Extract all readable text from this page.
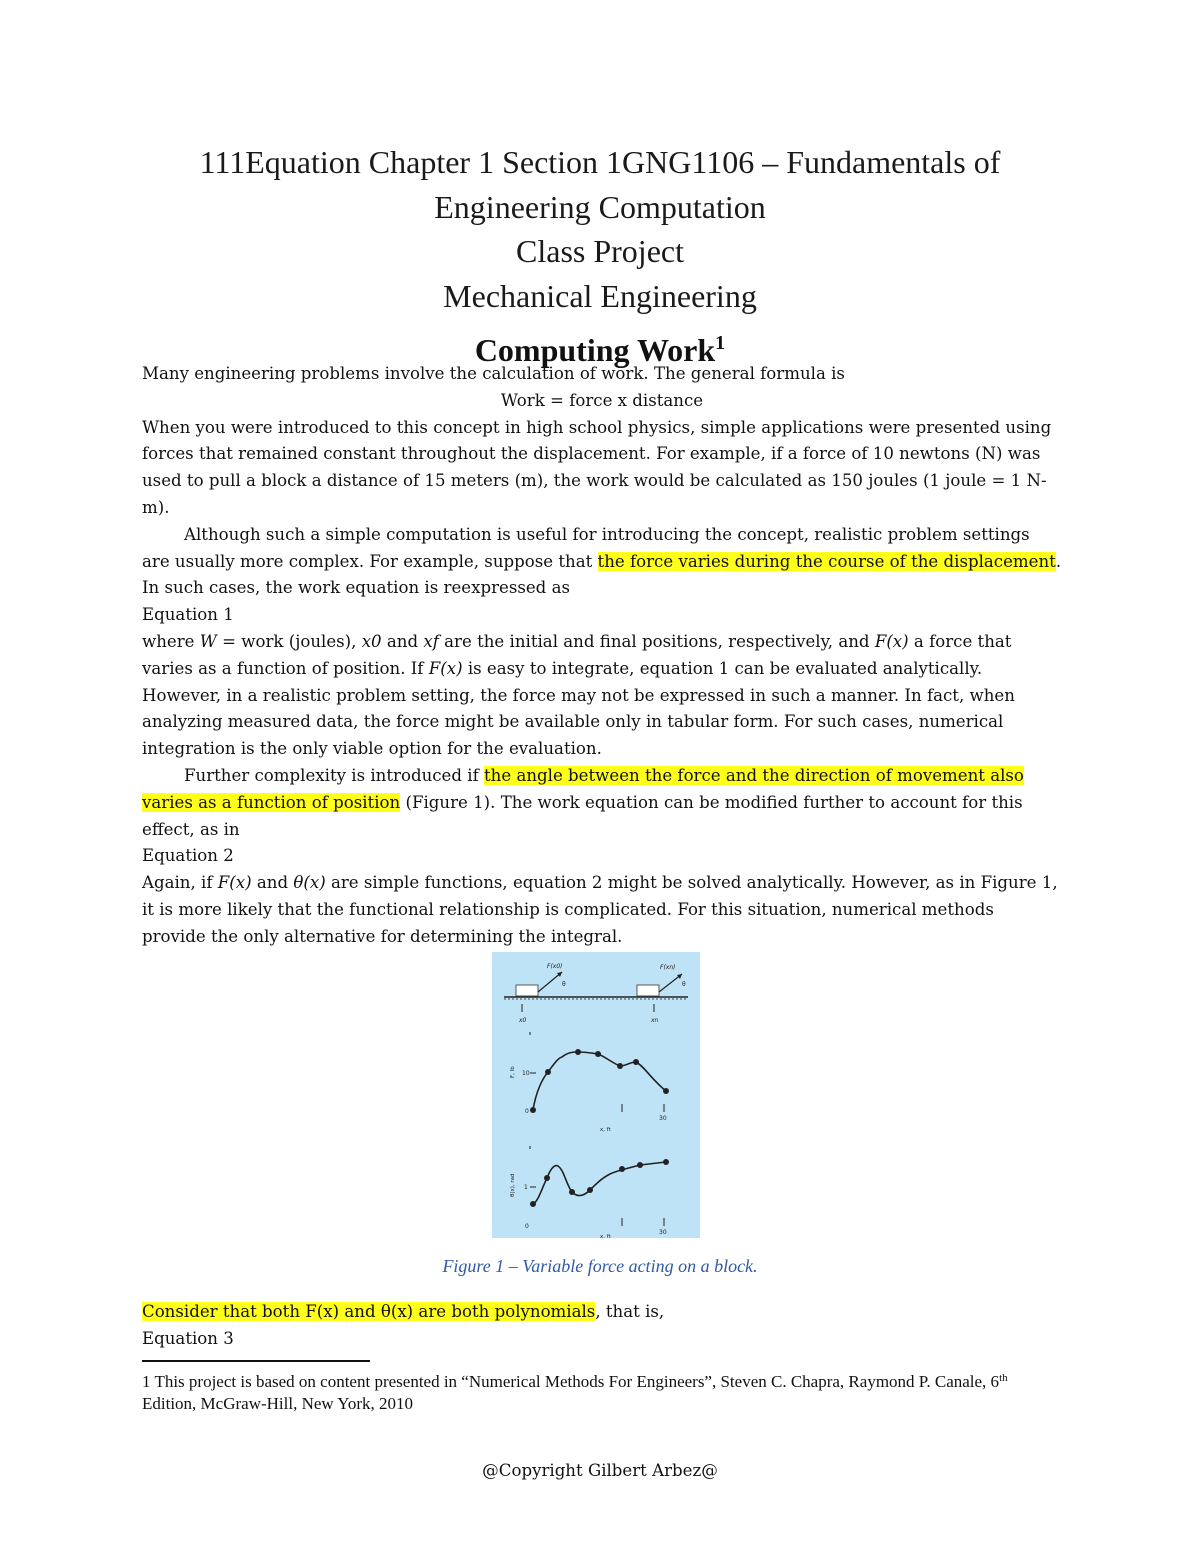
111Equation Chapter 1 Section 1GNG1106 – Fundamentals of
Engineering Computation
Class Project
Mechanical Engineering
Computing Work$^1$

Many engineering problems involve the calculation of work. The general formula is

Work = force x distance

When you were introduced to this concept in high school physics, simple applications were presented using forces that remained constant throughout the displacement. For example, if a force of 10 newtons (N) was used to pull a block a distance of 15 meters (m), the work would be calculated as 150 joules (1 joule = 1 N-m).

Although such a simple computation is useful for introducing the concept, realistic problem settings are usually more complex. For example, suppose that the force varies during the course of the displacement. In such cases, the work equation is reexpressed as

Equation 1

where W = work (joules), x0 and xf are the initial and final positions, respectively, and F(x) a force that varies as a function of position. If F(x) is easy to integrate, equation 1 can be evaluated analytically. However, in a realistic problem setting, the force may not be expressed in such a manner. In fact, when analyzing measured data, the force might be available only in tabular form. For such cases, numerical integration is the only viable option for the evaluation.

Further complexity is introduced if the angle between the force and the direction of movement also varies as a function of position (Figure 1). The work equation can be modified further to account for this effect, as in

Equation 2

Again, if F(x) and θ(x) are simple functions, equation 2 might be solved analytically. However, as in Figure 1, it is more likely that the functional relationship is complicated. For this situation, numerical methods provide the only alternative for determining the integral.

F(x0)	F(xn)
θ	θ
x0	xn
F, lb 10
0
30
x, ft
θ(x), rad 1
0
30
x, ft
Figure 1 – Variable force acting on a block.

Consider that both F(x) and θ(x) are both polynomials, that is,

Equation 3

1 This project is based on content presented in “Numerical Methods For Engineers”, Steven C. Chapra, Raymond P. Canale, 6th Edition, McGraw-Hill, New York, 2010
@Copyright Gilbert Arbez@
